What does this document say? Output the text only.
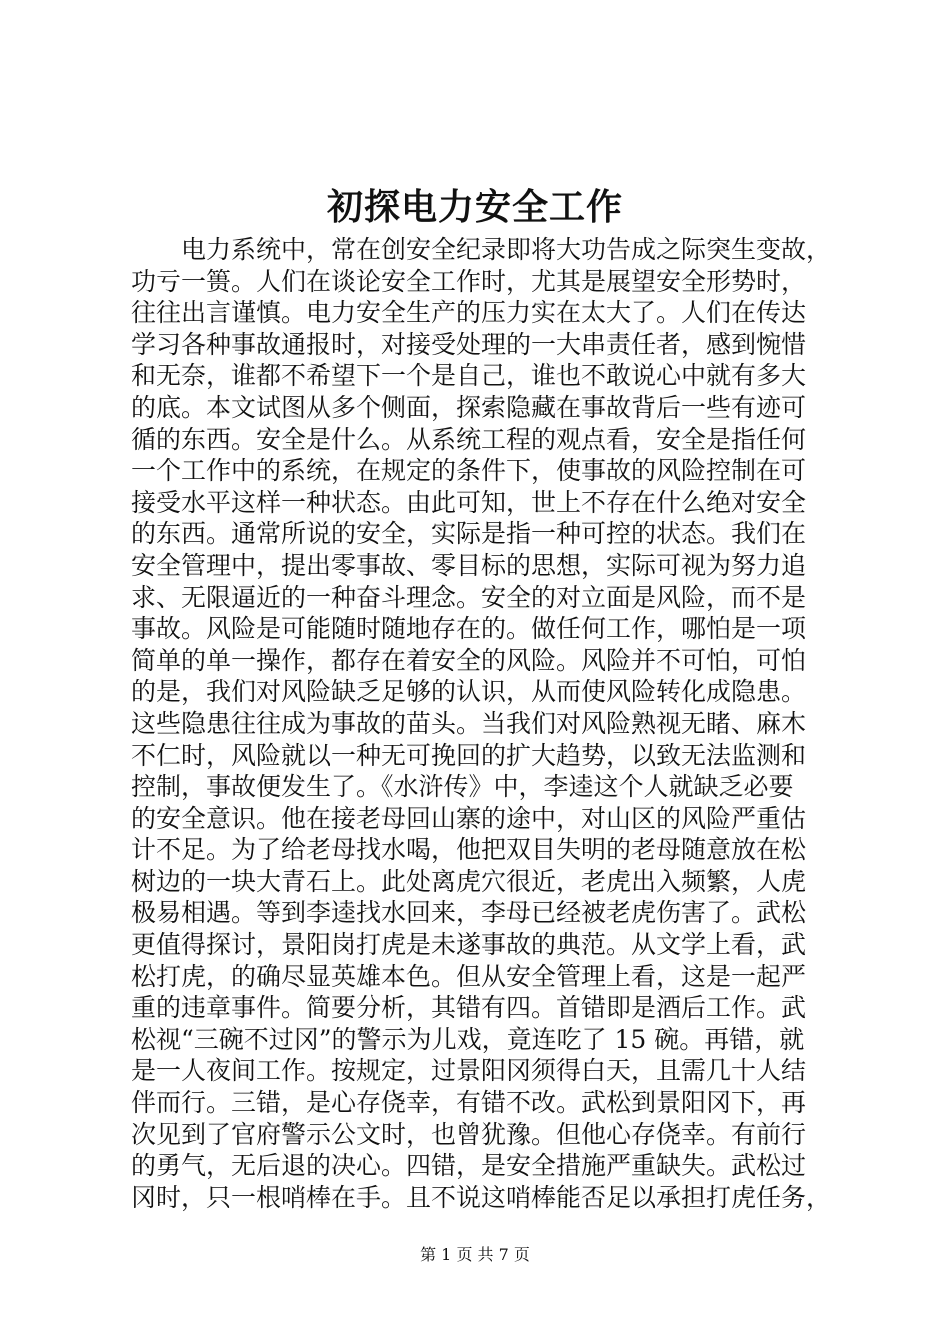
初探电力安全工作
电力系统中，常在创安全纪录即将大功告成之际突生变故，
功亏一篑。人们在谈论安全工作时，尤其是展望安全形势时，
往往出言谨慎。电力安全生产的压力实在太大了。人们在传达
学习各种事故通报时，对接受处理的一大串责任者，感到惋惜
和无奈，谁都不希望下一个是自己，谁也不敢说心中就有多大
的底。本文试图从多个侧面，探索隐藏在事故背后一些有迹可
循的东西。安全是什么。从系统工程的观点看，安全是指任何
一个工作中的系统，在规定的条件下，使事故的风险控制在可
接受水平这样一种状态。由此可知，世上不存在什么绝对安全
的东西。通常所说的安全，实际是指一种可控的状态。我们在
安全管理中，提出零事故、零目标的思想，实际可视为努力追
求、无限逼近的一种奋斗理念。安全的对立面是风险，而不是
事故。风险是可能随时随地存在的。做任何工作，哪怕是一项
简单的单一操作，都存在着安全的风险。风险并不可怕，可怕
的是，我们对风险缺乏足够的认识，从而使风险转化成隐患。
这些隐患往往成为事故的苗头。当我们对风险熟视无睹、麻木
不仁时，风险就以一种无可挽回的扩大趋势，以致无法监测和
控制，事故便发生了。《水浒传》中，李逵这个人就缺乏必要
的安全意识。他在接老母回山寨的途中，对山区的风险严重估
计不足。为了给老母找水喝，他把双目失明的老母随意放在松
树边的一块大青石上。此处离虎穴很近，老虎出入频繁，人虎
极易相遇。等到李逵找水回来，李母已经被老虎伤害了。武松
更值得探讨，景阳岗打虎是未遂事故的典范。从文学上看，武
松打虎，的确尽显英雄本色。但从安全管理上看，这是一起严
重的违章事件。简要分析，其错有四。首错即是酒后工作。武
松视“三碗不过冈”的警示为儿戏，竟连吃了 15 碗。再错，就
是一人夜间工作。按规定，过景阳冈须得白天，且需几十人结
伴而行。三错，是心存侥幸，有错不改。武松到景阳冈下，再
次见到了官府警示公文时，也曾犹豫。但他心存侥幸。有前行
的勇气，无后退的决心。四错，是安全措施严重缺失。武松过
冈时，只一根哨棒在手。且不说这哨棒能否足以承担打虎任务，
第 1 页 共 7 页
